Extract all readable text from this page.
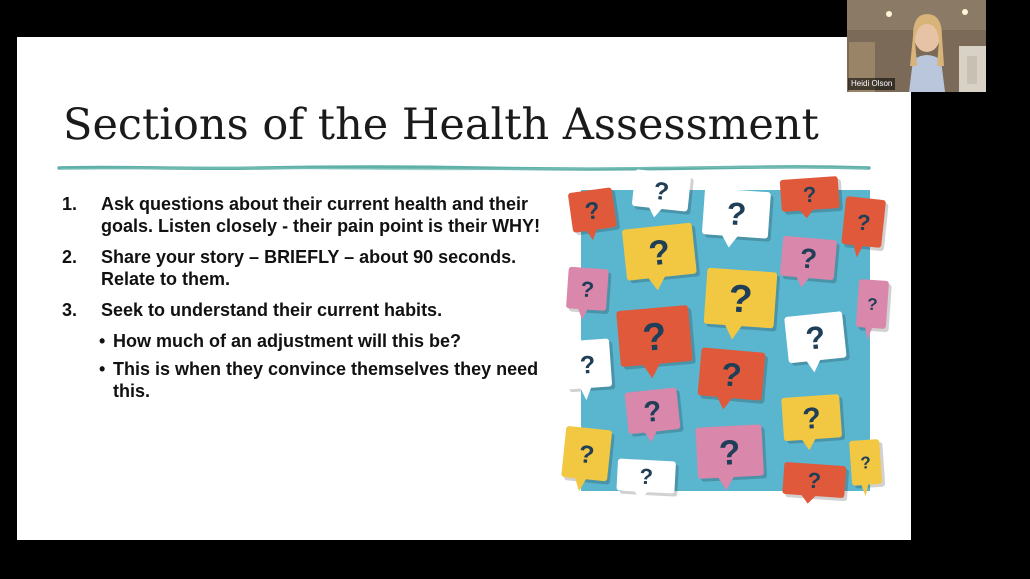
Sections of the Health Assessment
1. Ask questions about their current health and their goals. Listen closely - their pain point is their WHY!
2. Share your story – BRIEFLY – about 90 seconds. Relate to them.
3. Seek to understand their current habits.
• How much of an adjustment will this be?
• This is when they convince themselves they need this.
?
?
?
?
?
?
?	?
?
?
?
?
?
?
?
?
?
?
?
?
?
Heidi Olson
